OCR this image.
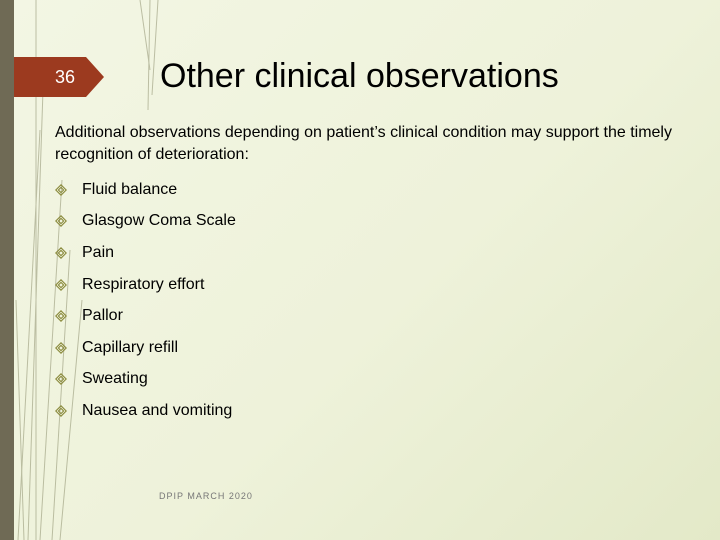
36 Other clinical observations

Additional observations depending on patient’s clinical condition may support the timely recognition of deterioration:

Fluid balance
Glasgow Coma Scale
Pain
Respiratory effort
Pallor
Capillary refill
Sweating
Nausea and vomiting
DPIP MARCH 2020
